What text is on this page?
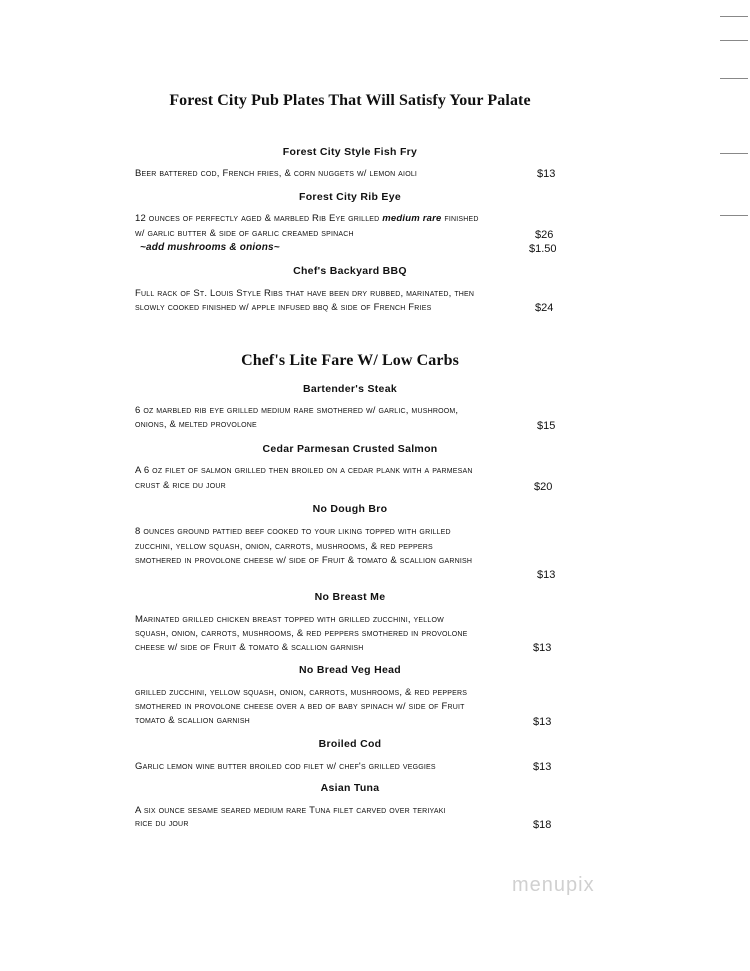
Forest City Pub Plates That Will Satisfy Your Palate
Forest City Style Fish Fry
Beer battered cod, French fries, & corn nuggets w/ lemon aioli	$13
Forest City Rib Eye
12 ounces of perfectly aged & marbled Rib Eye grilled medium rare finished
w/ garlic butter & side of garlic creamed spinach	$26
~add mushrooms & onions~	$1.50
Chef's Backyard BBQ
Full rack of St. Louis Style Ribs that have been dry rubbed, marinated, then
slowly cooked finished w/ apple infused bbq & side of French Fries	$24
Chef's Lite Fare W/ Low Carbs
Bartender's Steak
6 oz marbled rib eye grilled medium rare smothered w/ garlic, mushroom,
onions, & melted provolone	$15
Cedar Parmesan Crusted Salmon
A 6 oz filet of salmon grilled then broiled on a cedar plank with a parmesan
crust & rice du jour	$20
No Dough Bro
8 ounces ground pattied beef cooked to your liking topped with grilled
zucchini, yellow squash, onion, carrots, mushrooms, & red peppers
smothered in provolone cheese w/ side of Fruit & tomato & scallion garnish
$13
No Breast Me
Marinated grilled chicken breast topped with grilled zucchini, yellow
squash, onion, carrots, mushrooms, & red peppers smothered in provolone
cheese w/ side of Fruit & tomato & scallion garnish	$13
No Bread Veg Head
grilled zucchini, yellow squash, onion, carrots, mushrooms, & red peppers
smothered in provolone cheese over a bed of baby spinach w/ side of Fruit
tomato & scallion garnish	$13
Broiled Cod
Garlic lemon wine butter broiled cod filet w/ chef's grilled veggies	$13
Asian Tuna
A six ounce sesame seared medium rare Tuna filet carved over teriyaki
rice du jour	$18
menupix
